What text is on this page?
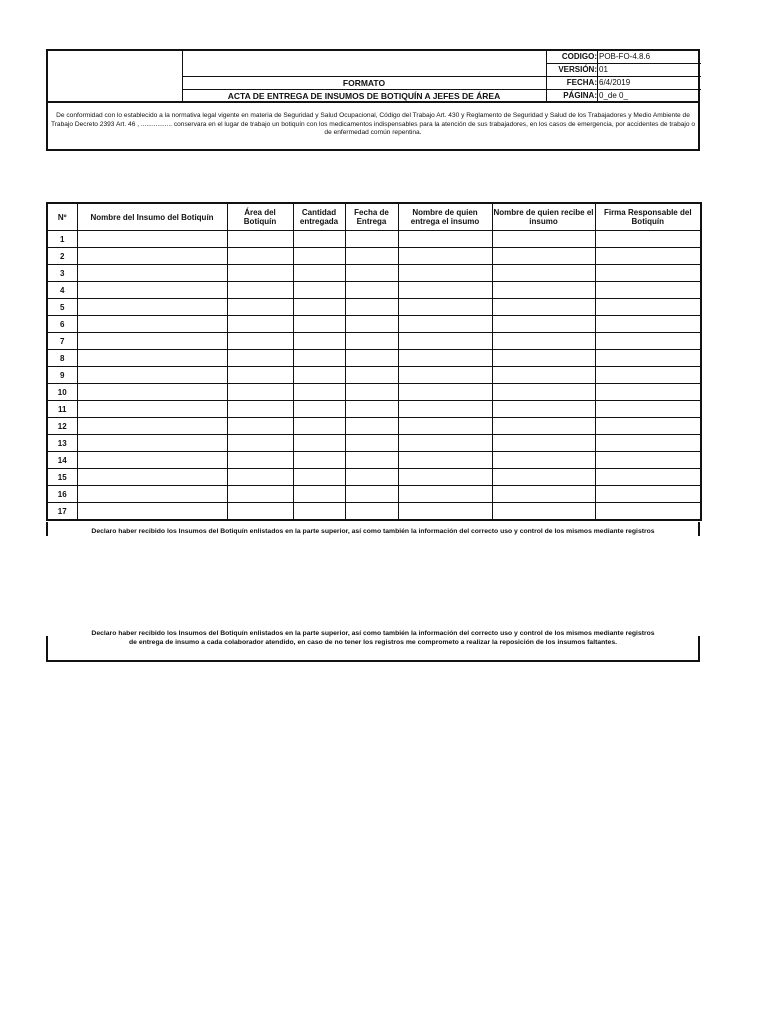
FORMATO
ACTA DE ENTREGA DE INSUMOS DE BOTIQUÍN A JEFES DE ÁREA
CODIGO: POB-FO-4.8.6
VERSIÓN: 01
FECHA: 6/4/2019
PÁGINA: 0_de 0_
De conformidad con lo establecido a la normativa legal vigente en materia de Seguridad y Salud Ocupacional, Código del Trabajo Art. 430 y Reglamento de Seguridad y Salud de los Trabajadores y Medio Ambiente de Trabajo Decreto 2393 Art. 46 , ................. conservara en el lugar de trabajo un botiquín con los medicamentos indispensables para la atención de sus trabajadores, en los casos de emergencia, por accidentes de trabajo o de enfermedad común repentina.
Nº	Nombre del Insumo del Botiquín	Área del Botiquín	Cantidad entregada	Fecha de Entrega	Nombre de quien entrega el insumo	Nombre de quien recibe el insumo	Firma Responsable del Botiquín
1							
2							
3							
4							
5							
6							
7							
8							
9							
10							
11							
12							
13							
14							
15							
16							
17							
Declaro haber recibido los Insumos del Botiquín enlistados en la parte superior, así como también la información del correcto uso y control de los mismos mediante registros
Declaro haber recibido los Insumos del Botiquín enlistados en la parte superior, así como también la información del correcto uso y control de los mismos mediante registros
de entrega de insumo a cada colaborador atendido, en caso de no tener los registros me comprometo a realizar la reposición de los insumos faltantes.
